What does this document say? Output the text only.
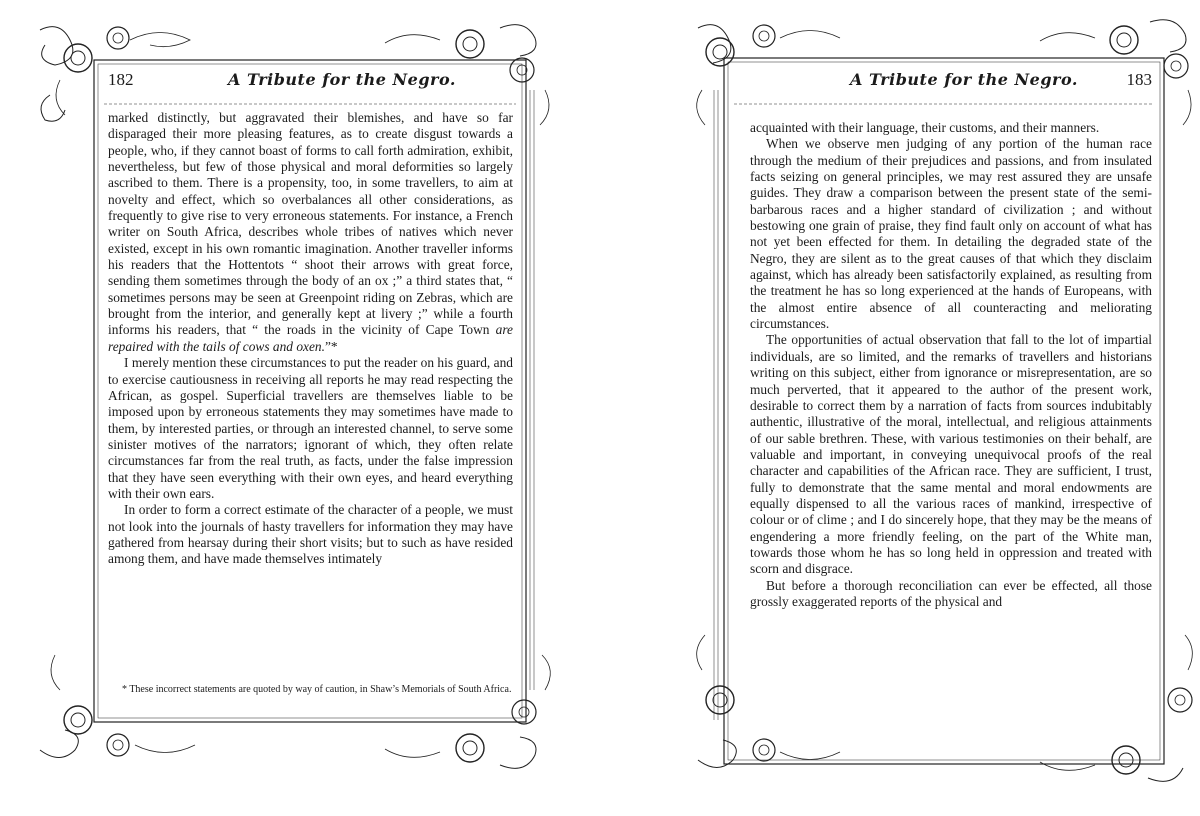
182	A Tribute for the Negro.

marked distinctly, but aggravated their blemishes, and have so far disparaged their more pleasing features, as to create disgust towards a people, who, if they cannot boast of forms to call forth admiration, exhibit, nevertheless, but few of those physical and moral deformities so largely ascribed to them. There is a propensity, too, in some travellers, to aim at novelty and effect, which so overbalances all other considerations, as frequently to give rise to very erroneous statements. For instance, a French writer on South Africa, describes whole tribes of natives which never existed, except in his own romantic imagination. Another traveller informs his readers that the Hottentots “ shoot their arrows with great force, sending them sometimes through the body of an ox ;” a third states that, “ sometimes persons may be seen at Greenpoint riding on Zebras, which are brought from the interior, and generally kept at livery ;” while a fourth informs his readers, that “ the roads in the vicinity of Cape Town are repaired with the tails of cows and oxen.”*

I merely mention these circumstances to put the reader on his guard, and to exercise cautiousness in receiving all reports he may read respecting the African, as gospel. Superficial travellers are themselves liable to be imposed upon by erroneous statements they may sometimes have made to them, by interested parties, or through an interested channel, to serve some sinister motives of the narrators; ignorant of which, they often relate circumstances far from the real truth, as facts, under the false impression that they have seen everything with their own eyes, and heard everything with their own ears.

In order to form a correct estimate of the character of a people, we must not look into the journals of hasty travellers for information they may have gathered from hearsay during their short visits; but to such as have resided among them, and have made themselves intimately

* These incorrect statements are quoted by way of caution, in Shaw’s Memorials of South Africa.

A Tribute for the Negro.	183

acquainted with their language, their customs, and their manners.

When we observe men judging of any portion of the human race through the medium of their prejudices and passions, and from insulated facts seizing on general principles, we may rest assured they are unsafe guides. They draw a comparison between the present state of the semi-barbarous races and a higher standard of civilization ; and without bestowing one grain of praise, they find fault only on account of what has not yet been effected for them. In detailing the degraded state of the Negro, they are silent as to the great causes of that which they disclaim against, which has already been satisfactorily explained, as resulting from the treatment he has so long experienced at the hands of Europeans, with the almost entire absence of all counteracting and meliorating circumstances.

The opportunities of actual observation that fall to the lot of impartial individuals, are so limited, and the remarks of travellers and historians writing on this subject, either from ignorance or misrepresentation, are so much perverted, that it appeared to the author of the present work, desirable to correct them by a narration of facts from sources indubitably authentic, illustrative of the moral, intellectual, and religious attainments of our sable brethren. These, with various testimonies on their behalf, are valuable and important, in conveying unequivocal proofs of the real character and capabilities of the African race. They are sufficient, I trust, fully to demonstrate that the same mental and moral endowments are equally dispensed to all the various races of mankind, irrespective of colour or of clime ; and I do sincerely hope, that they may be the means of engendering a more friendly feeling, on the part of the White man, towards those whom he has so long held in oppression and treated with scorn and disgrace.

But before a thorough reconciliation can ever be effected, all those grossly exaggerated reports of the physical and
